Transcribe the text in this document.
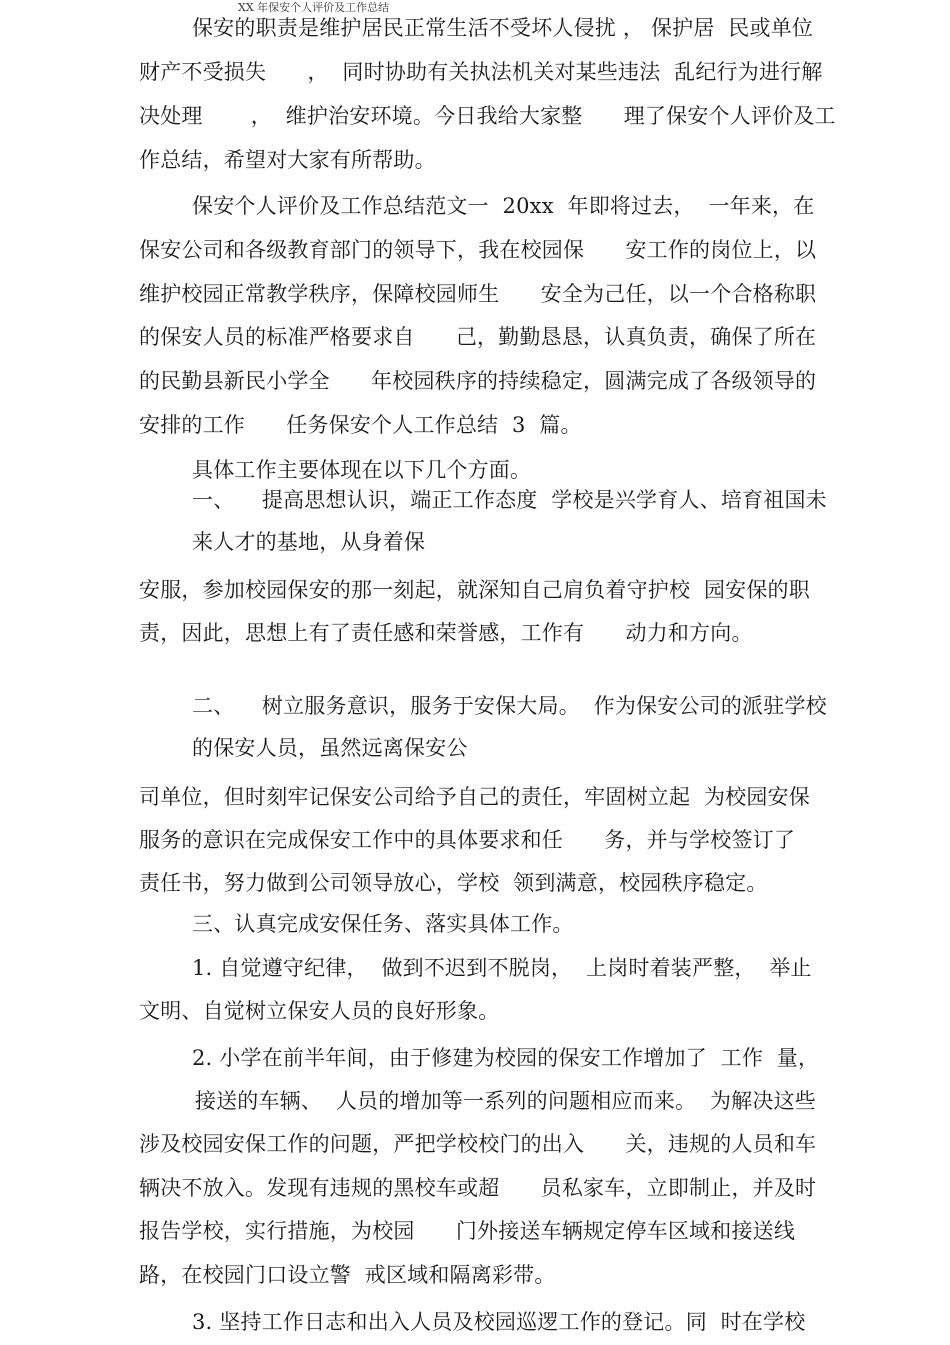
XX 年保安个人评价及工作总结
保安的职责是维护居民正常生活不受坏人侵扰 ， 保护居  民或单位
财产不受损失      ，  同时协助有关执法机关对某些违法  乱纪行为进行解
决处理       ，  维护治安环境。今日我给大家整      理了保安个人评价及工
作总结，希望对大家有所帮助。
保安个人评价及工作总结范文一  20xx  年即将过去，  一年来，在
保安公司和各级教育部门的领导下，我在校园保      安工作的岗位上，以
维护校园正常教学秩序，保障校园师生      安全为己任，以一个合格称职
的保安人员的标准严格要求自      己，勤勤恳恳，认真负责，确保了所在
的民勤县新民小学全      年校园秩序的持续稳定，圆满完成了各级领导的
安排的工作      任务保安个人工作总结  3  篇。
具体工作主要体现在以下几个方面。
一、    提高思想认识，端正工作态度  学校是兴学育人、培育祖国未
来人才的基地，从身着保
安服，参加校园保安的那一刻起，就深知自己肩负着守护校  园安保的职
责，因此，思想上有了责任感和荣誉感，工作有      动力和方向。
二、    树立服务意识，服务于安保大局。  作为保安公司的派驻学校
的保安人员，虽然远离保安公
司单位，但时刻牢记保安公司给予自己的责任，牢固树立起  为校园安保
服务的意识在完成保安工作中的具体要求和任      务，并与学校签订了
责任书，努力做到公司领导放心，学校  领到满意，校园秩序稳定。
三、认真完成安保任务、落实具体工作。
1. 自觉遵守纪律，  做到不迟到不脱岗，  上岗时着装严整，  举止
文明、自觉树立保安人员的良好形象。
2. 小学在前半年间，由于修建为校园的保安工作增加了  工作  量，
接送的车辆、  人员的增加等一系列的问题相应而来。  为解决这些
涉及校园安保工作的问题，严把学校校门的出入      关，违规的人员和车
辆决不放入。发现有违规的黑校车或超      员私家车，立即制止，并及时
报告学校，实行措施，为校园      门外接送车辆规定停车区域和接送线
路，在校园门口设立警  戒区域和隔离彩带。
3. 坚持工作日志和出入人员及校园巡逻工作的登记。同  时在学校
